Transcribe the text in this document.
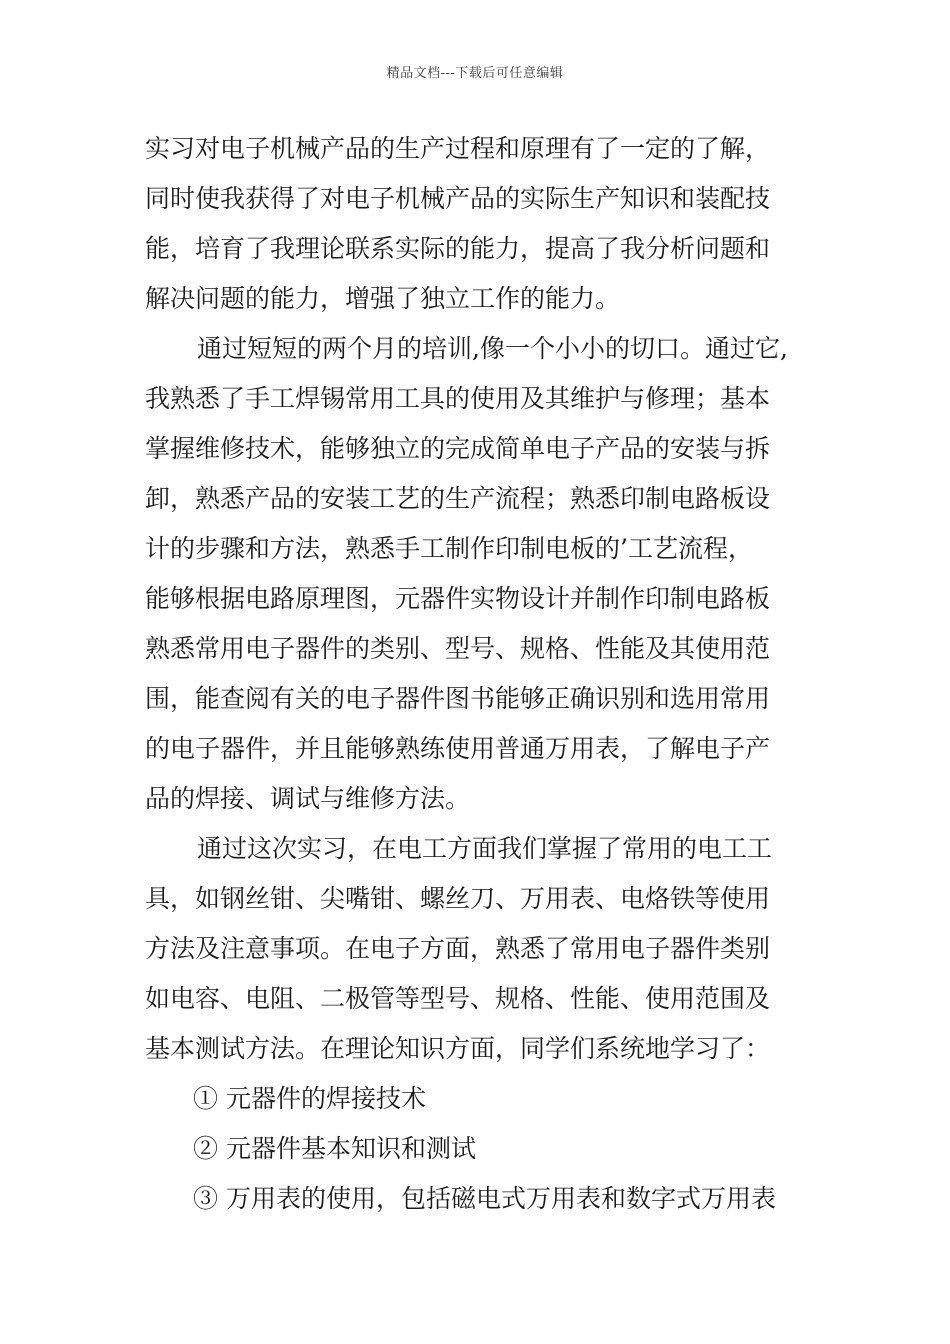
精品文档---下载后可任意编辑
实习对电子机械产品的生产过程和原理有了一定的了解，
同时使我获得了对电子机械产品的实际生产知识和装配技
能，培育了我理论联系实际的能力，提高了我分析问题和
解决问题的能力，增强了独立工作的能力。
通过短短的两个月的培训,像一个小小的切口。通过它,
我熟悉了手工焊锡常用工具的使用及其维护与修理；基本
掌握维修技术，能够独立的完成简单电子产品的安装与拆
卸，熟悉产品的安装工艺的生产流程；熟悉印制电路板设
计的步骤和方法，熟悉手工制作印制电板的’工艺流程，
能够根据电路原理图，元器件实物设计并制作印制电路板
熟悉常用电子器件的类别、型号、规格、性能及其使用范
围，能查阅有关的电子器件图书能够正确识别和选用常用
的电子器件，并且能够熟练使用普通万用表，了解电子产
品的焊接、调试与维修方法。
通过这次实习，在电工方面我们掌握了常用的电工工
具，如钢丝钳、尖嘴钳、螺丝刀、万用表、电烙铁等使用
方法及注意事项。在电子方面，熟悉了常用电子器件类别
如电容、电阻、二极管等型号、规格、性能、使用范围及
基本测试方法。在理论知识方面，同学们系统地学习了：
① 元器件的焊接技术
② 元器件基本知识和测试
③ 万用表的使用，包括磁电式万用表和数字式万用表
